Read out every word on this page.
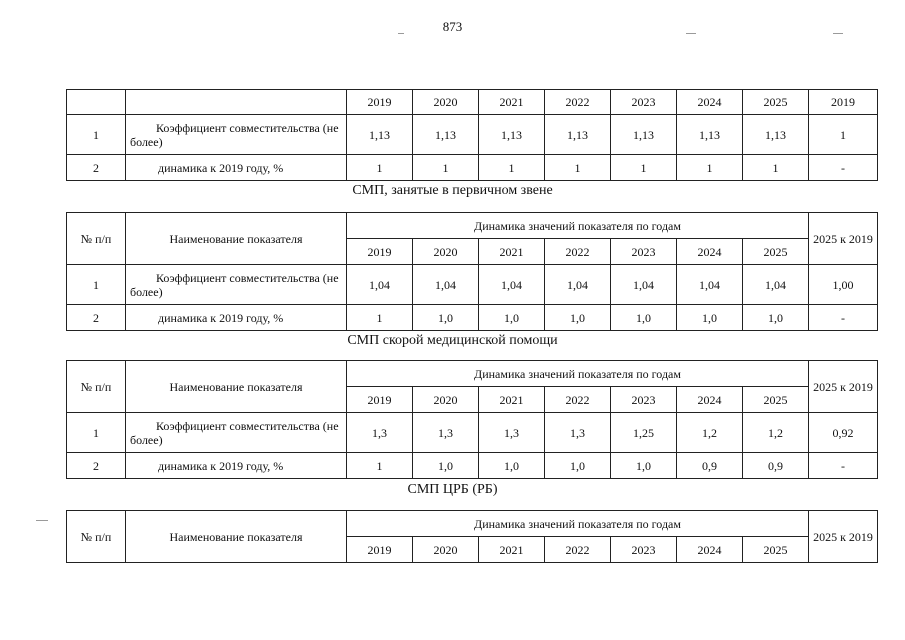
873
		2019	2020	2021	2022	2023	2024	2025	2019
1	Коэффициент совместительства (не более)	1,13	1,13	1,13	1,13	1,13	1,13	1,13	1
2	динамика к 2019 году, %	1	1	1	1	1	1	1	-
СМП, занятые в первичном звене
№ п/п	Наименование показателя	Динамика значений показателя по годам							2025 к 2019
		2019	2020	2021	2022	2023	2024	2025	
1	Коэффициент совместительства (не более)	1,04	1,04	1,04	1,04	1,04	1,04	1,04	1,00
2	динамика к 2019 году, %	1	1,0	1,0	1,0	1,0	1,0	1,0	-
СМП скорой медицинской помощи
№ п/п	Наименование показателя	Динамика значений показателя по годам							2025 к 2019
		2019	2020	2021	2022	2023	2024	2025	
1	Коэффициент совместительства (не более)	1,3	1,3	1,3	1,3	1,25	1,2	1,2	0,92
2	динамика к 2019 году, %	1	1,0	1,0	1,0	1,0	0,9	0,9	-
СМП ЦРБ (РБ)
№ п/п	Наименование показателя	Динамика значений показателя по годам							2025 к 2019
		2019	2020	2021	2022	2023	2024	2025	
